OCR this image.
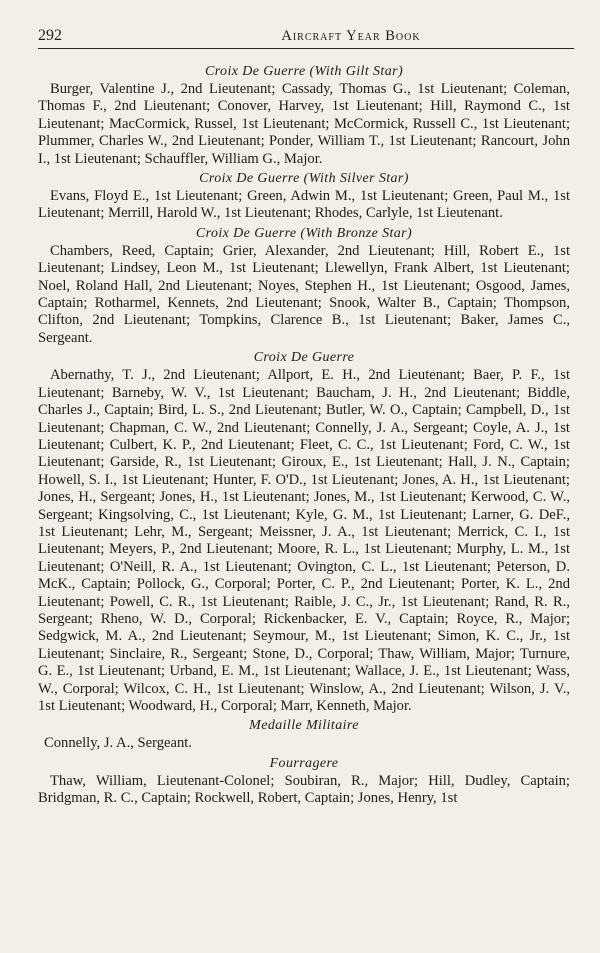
292	Aircraft Year Book

Croix De Guerre (With Gilt Star)

Burger, Valentine J., 2nd Lieutenant; Cassady, Thomas G., 1st Lieutenant; Coleman, Thomas F., 2nd Lieutenant; Conover, Harvey, 1st Lieutenant; Hill, Raymond C., 1st Lieutenant; MacCormick, Russel, 1st Lieutenant; McCormick, Russell C., 1st Lieutenant; Plummer, Charles W., 2nd Lieutenant; Ponder, William T., 1st Lieutenant; Rancourt, John I., 1st Lieutenant; Schauffler, William G., Major.

Croix De Guerre (With Silver Star)

Evans, Floyd E., 1st Lieutenant; Green, Adwin M., 1st Lieutenant; Green, Paul M., 1st Lieutenant; Merrill, Harold W., 1st Lieutenant; Rhodes, Carlyle, 1st Lieutenant.

Croix De Guerre (With Bronze Star)

Chambers, Reed, Captain; Grier, Alexander, 2nd Lieutenant; Hill, Robert E., 1st Lieutenant; Lindsey, Leon M., 1st Lieutenant; Llewellyn, Frank Albert, 1st Lieutenant; Noel, Roland Hall, 2nd Lieutenant; Noyes, Stephen H., 1st Lieutenant; Osgood, James, Captain; Rotharmel, Kennets, 2nd Lieutenant; Snook, Walter B., Captain; Thompson, Clifton, 2nd Lieutenant; Tompkins, Clarence B., 1st Lieutenant; Baker, James C., Sergeant.

Croix De Guerre

Abernathy, T. J., 2nd Lieutenant; Allport, E. H., 2nd Lieutenant; Baer, P. F., 1st Lieutenant; Barneby, W. V., 1st Lieutenant; Baucham, J. H., 2nd Lieutenant; Biddle, Charles J., Captain; Bird, L. S., 2nd Lieutenant; Butler, W. O., Captain; Campbell, D., 1st Lieutenant; Chapman, C. W., 2nd Lieutenant; Connelly, J. A., Sergeant; Coyle, A. J., 1st Lieutenant; Culbert, K. P., 2nd Lieutenant; Fleet, C. C., 1st Lieutenant; Ford, C. W., 1st Lieutenant; Garside, R., 1st Lieutenant; Giroux, E., 1st Lieutenant; Hall, J. N., Captain; Howell, S. I., 1st Lieutenant; Hunter, F. O'D., 1st Lieutenant; Jones, A. H., 1st Lieutenant; Jones, H., Sergeant; Jones, H., 1st Lieutenant; Jones, M., 1st Lieutenant; Kerwood, C. W., Sergeant; Kingsolving, C., 1st Lieutenant; Kyle, G. M., 1st Lieutenant; Larner, G. DeF., 1st Lieutenant; Lehr, M., Sergeant; Meissner, J. A., 1st Lieutenant; Merrick, C. I., 1st Lieutenant; Meyers, P., 2nd Lieutenant; Moore, R. L., 1st Lieutenant; Murphy, L. M., 1st Lieutenant; O'Neill, R. A., 1st Lieutenant; Ovington, C. L., 1st Lieutenant; Peterson, D. McK., Captain; Pollock, G., Corporal; Porter, C. P., 2nd Lieutenant; Porter, K. L., 2nd Lieutenant; Powell, C. R., 1st Lieutenant; Raible, J. C., Jr., 1st Lieutenant; Rand, R. R., Sergeant; Rheno, W. D., Corporal; Rickenbacker, E. V., Captain; Royce, R., Major; Sedgwick, M. A., 2nd Lieutenant; Seymour, M., 1st Lieutenant; Simon, K. C., Jr., 1st Lieutenant; Sinclaire, R., Sergeant; Stone, D., Corporal; Thaw, William, Major; Turnure, G. E., 1st Lieutenant; Urband, E. M., 1st Lieutenant; Wallace, J. E., 1st Lieutenant; Wass, W., Corporal; Wilcox, C. H., 1st Lieutenant; Winslow, A., 2nd Lieutenant; Wilson, J. V., 1st Lieutenant; Woodward, H., Corporal; Marr, Kenneth, Major.

Medaille Militaire

Connelly, J. A., Sergeant.

Fourragere

Thaw, William, Lieutenant-Colonel; Soubiran, R., Major; Hill, Dudley, Captain; Bridgman, R. C., Captain; Rockwell, Robert, Captain; Jones, Henry, 1st
